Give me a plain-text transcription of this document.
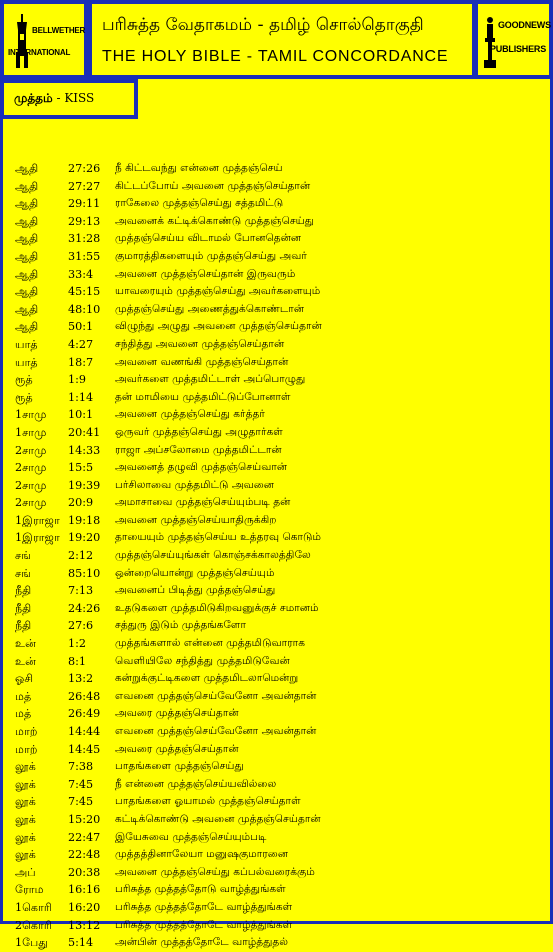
BELLWETHER
INTERNATIONAL
பரிசுத்த வேதாகமம் - தமிழ் சொல்தொகுதி
THE HOLY BIBLE - TAMIL CONCORDANCE
GOODNEWS
PUBLISHERS
முத்தம் - KISS
ஆதி	27:26 நீ கிட்டவந்து என்னை முத்தஞ்செய்
ஆதி	27:27 கிட்டப்போய் அவனை முத்தஞ்செய்தான்
ஆதி	29:11 ராகேலை முத்தஞ்செய்து சத்தமிட்டு
ஆதி	29:13 அவனைக் கட்டிக்கொண்டு முத்தஞ்செய்து
ஆதி	31:28 முத்தஞ்செய்ய விடாமல் போனதென்ன
ஆதி	31:55 குமாரத்திகளையும் முத்தஞ்செய்து அவர்
ஆதி	33:4 அவனை முத்தஞ்செய்தான் இருவரும்
ஆதி	45:15 யாவரையும் முத்தஞ்செய்து அவர்களையும்
ஆதி	48:10 முத்தஞ்செய்து அணைத்துக்கொண்டான்
ஆதி	50:1 விழுந்து அழுது அவனை முத்தஞ்செய்தான்
யாத்	4:27 சந்தித்து அவனை முத்தஞ்செய்தான்
யாத்	18:7 அவனை வணங்கி முத்தஞ்செய்தான்
ரூத்	1:9	அவர்களை முத்தமிட்டாள் அப்பொழுது
ரூத்	1:14 தன் மாமியை முத்தமிட்டுப்போனாள்
1சாமு 10:1 அவனை முத்தஞ்செய்து கர்த்தர்
1சாமு 20:41 ஒருவர் முத்தஞ்செய்து அழுதார்கள்
2சாமு 14:33 ராஜா அப்சலோமை முத்தமிட்டான்
2சாமு 15:5 அவனைத் தழுவி முத்தஞ்செய்வான்
2சாமு 19:39 பர்சிலாவை முத்தமிட்டு அவனை
2சாமு 20:9 அமாசாவை முத்தஞ்செய்யும்படி தன்
1இராஜா 19:18 அவனை முத்தஞ்செய்யாதிருக்கிற
1இராஜா 19:20 தாயையும் முத்தஞ்செய்ய உத்தரவு கொடும்
சங்	2:12 முத்தஞ்செய்யுங்கள் கொஞ்சக்காலத்திலே
சங்	85:10 ஒன்றையொன்று முத்தஞ்செய்யும்
நீதி	7:13 அவனைப் பிடித்து முத்தஞ்செய்து
நீதி	24:26 உதடுகளை முத்தமிடுகிறவனுக்குச் சமானம்
நீதி	27:6 சத்துரு இடும் முத்தங்களோ
உன்	1:2	முத்தங்களால் என்னை முத்தமிடுவாராக
உன்	8:1	வெளியிலே சந்தித்து முத்தமிடுவேன்
ஓசி	13:2 கன்றுக்குட்டிகளை முத்தமிடலாமென்று
மத்	26:48 எவனை முத்தஞ்செய்வேனோ அவன்தான்
மத்	26:49 அவரை முத்தஞ்செய்தான்
மாற்	14:44 எவனை முத்தஞ்செய்வேனோ அவன்தான்
மாற்	14:45 அவரை முத்தஞ்செய்தான்
லூக்	7:38 பாதங்களை முத்தஞ்செய்து
லூக்	7:45 நீ என்னை முத்தஞ்செய்யவில்லை
லூக்	7:45 பாதங்களை ஓயாமல் முத்தஞ்செய்தாள்
லூக்	15:20 கட்டிக்கொண்டு அவனை முத்தஞ்செய்தான்
லூக்	22:47 இயேசுவை முத்தஞ்செய்யும்படி
லூக்	22:48 முத்தத்தினாலேயா மனுஷகுமாரனை
அப்	20:38 அவனை முத்தஞ்செய்து கப்பல்வரைக்கும்
ரோம 16:16 பரிசுத்த முத்தத்தோடு வாழ்த்துங்கள்
1கொரி 16:20 பரிசுத்த முத்தத்தோடே வாழ்த்துங்கள்
2கொரி 13:12 பரிசுத்த முத்தத்தோடே வாழ்த்துங்கள்
1பேது 5:14 அன்பின் முத்தத்தோடே வாழ்த்துதல்
